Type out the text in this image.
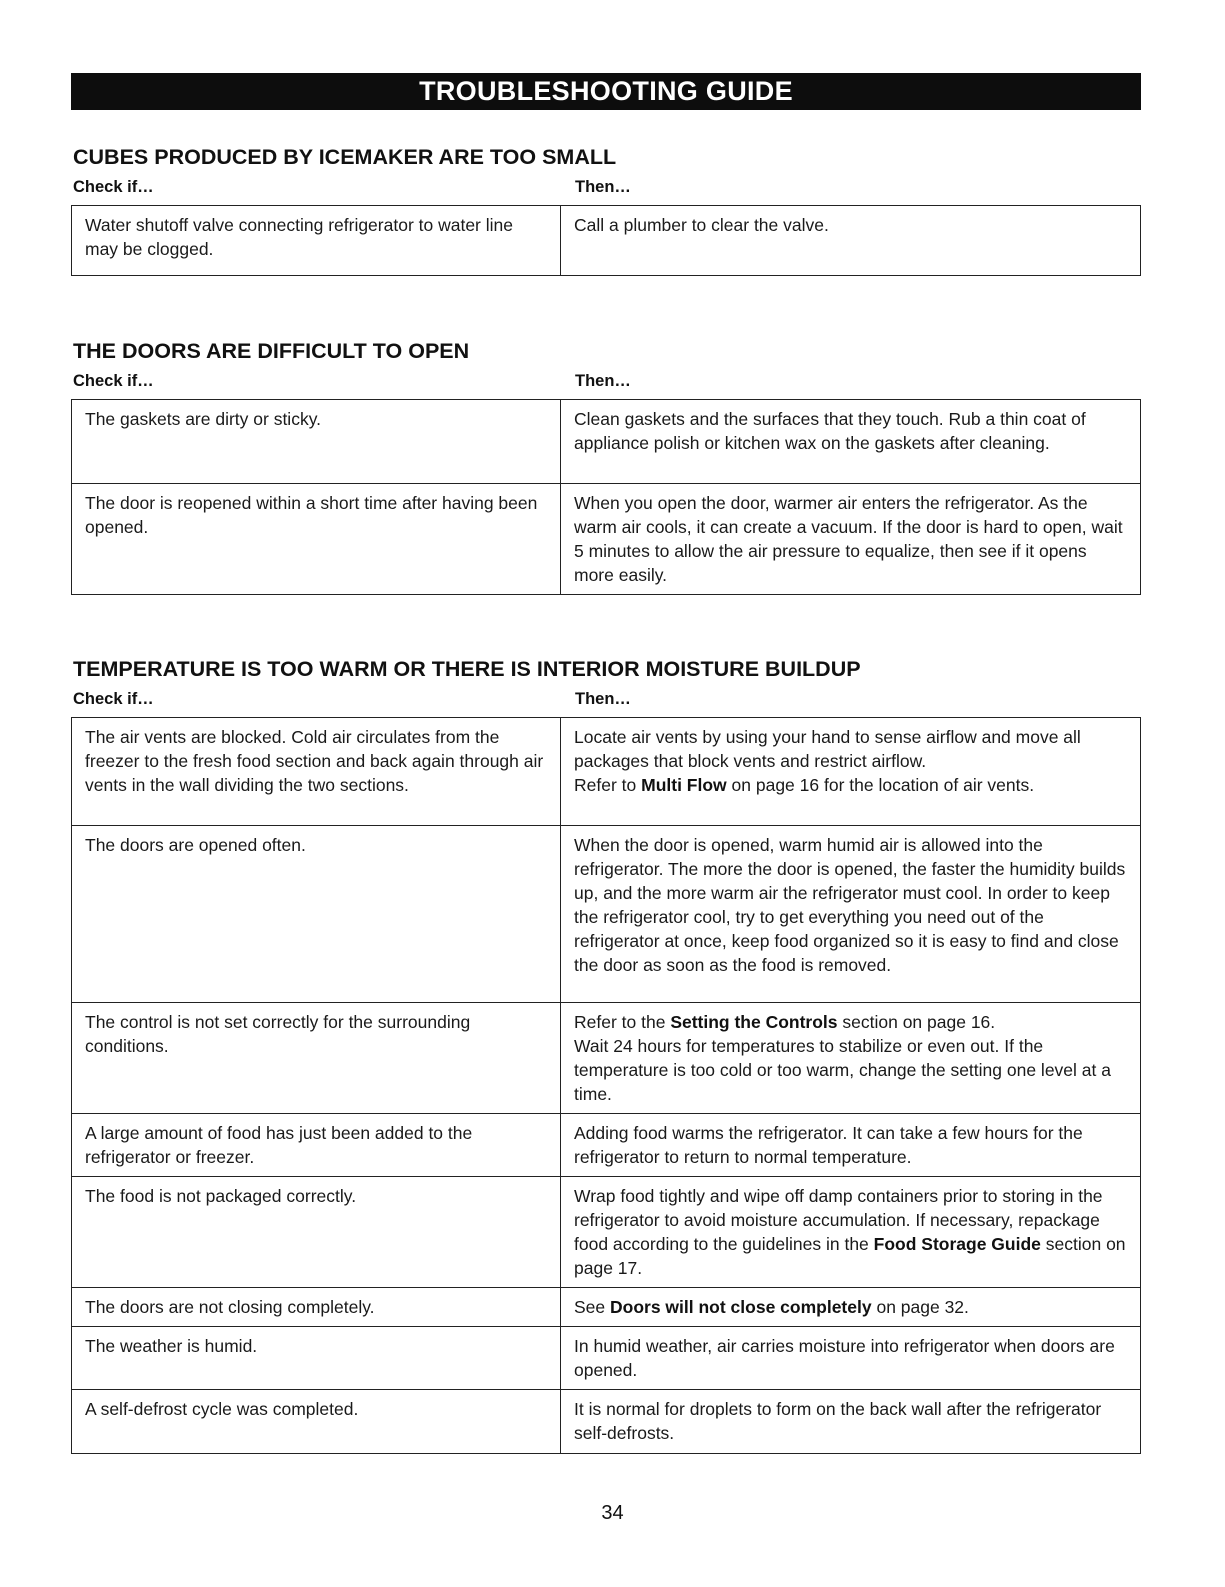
TROUBLESHOOTING GUIDE
CUBES PRODUCED BY ICEMAKER ARE TOO SMALL
Check if…	Then…
Water shutoff valve connecting refrigerator to water line may be clogged.	Call a plumber to clear the valve.
THE DOORS ARE DIFFICULT TO OPEN
Check if…	Then…
The gaskets are dirty or sticky.	Clean gaskets and the surfaces that they touch. Rub a thin coat of appliance polish or kitchen wax on the gaskets after cleaning.
The door is reopened within a short time after having been opened.	When you open the door, warmer air enters the refrigerator. As the warm air cools, it can create a vacuum. If the door is hard to open, wait 5 minutes to allow the air pressure to equalize, then see if it opens more easily.
TEMPERATURE IS TOO WARM OR THERE IS INTERIOR MOISTURE BUILDUP
Check if…	Then…
The air vents are blocked. Cold air circulates from the freezer to the fresh food section and back again through air vents in the wall dividing the two sections.	Locate air vents by using your hand to sense airflow and move all packages that block vents and restrict airflow.
Refer to Multi Flow on page 16 for the location of air vents.
The doors are opened often.	When the door is opened, warm humid air is allowed into the refrigerator. The more the door is opened, the faster the humidity builds up, and the more warm air the refrigerator must cool. In order to keep the refrigerator cool, try to get everything you need out of the refrigerator at once, keep food organized so it is easy to find and close the door as soon as the food is removed.
The control is not set correctly for the surrounding conditions.	Refer to the Setting the Controls section on page 16.
Wait 24 hours for temperatures to stabilize or even out. If the temperature is too cold or too warm, change the setting one level at a time.
A large amount of food has just been added to the refrigerator or freezer.	Adding food warms the refrigerator. It can take a few hours for the refrigerator to return to normal temperature.
The food is not packaged correctly.	Wrap food tightly and wipe off damp containers prior to storing in the refrigerator to avoid moisture accumulation. If necessary, repackage food according to the guidelines in the Food Storage Guide section on page 17.
The doors are not closing completely.	See Doors will not close completely on page 32.
The weather is humid.	In humid weather, air carries moisture into refrigerator when doors are opened.
A self-defrost cycle was completed.	It is normal for droplets to form on the back wall after the refrigerator self-defrosts.
34
